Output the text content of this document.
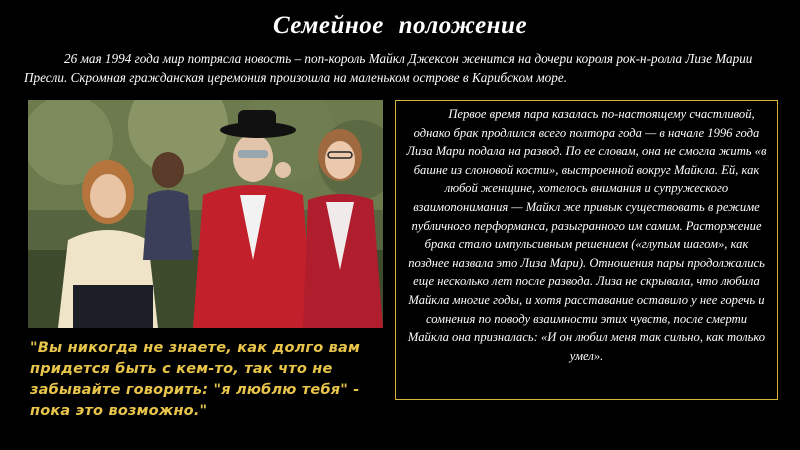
Семейное положение
26 мая 1994 года мир потрясла новость – поп-король Майкл Джексон женится на дочери короля рок-н-ролла Лизе Марии Пресли. Скромная гражданская церемония произошла на маленьком острове в Карибском море.
"Вы никогда не знаете, как долго вам придется быть с кем-то, так что не забывайте говорить: "я люблю тебя" - пока это возможно."

Первое время пара казалась по-настоящему счастливой, однако брак продлился всего полтора года — в начале 1996 года Лиза Мари подала на развод. По ее словам, она не смогла жить «в башне из слоновой кости», выстроенной вокруг Майкла. Ей, как любой женщине, хотелось внимания и супружеского взаимопонимания — Майкл же привык существовать в режиме публичного перформанса, разыгранного им самим. Расторжение брака стало импульсивным решением («глупым шагом», как позднее назвала это Лиза Мари). Отношения пары продолжались еще несколько лет после развода. Лиза не скрывала, что любила Майкла многие годы, и хотя расставание оставило у нее горечь и сомнения по поводу взаимности этих чувств, после смерти Майкла она призналась: «И он любил меня так сильно, как только умел».
